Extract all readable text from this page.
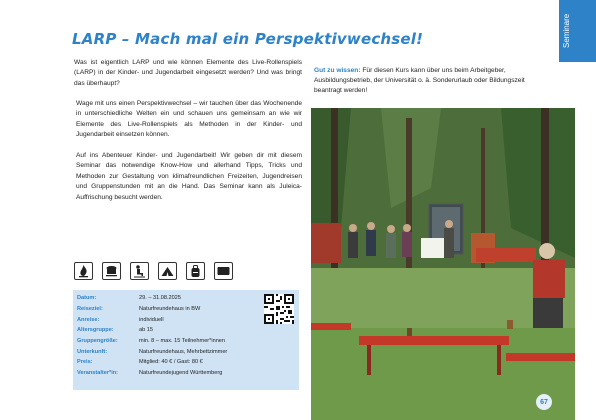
LARP – Mach mal ein Perspektivwechsel!
Was ist eigentlich LARP und wie können Elemente des Live-Rollenspiels (LARP) in der Kinder- und Jugendarbeit eingesetzt werden? Und was bringt das überhaupt?
Wage mit uns einen Perspektivwechsel – wir tauchen über das Wochenende in unterschiedliche Welten ein und schauen uns gemeinsam an wie wir Elemente des Live-Rollenspiels als Methoden in der Kinder- und Jugendarbeit einsetzen können.
Auf ins Abenteuer Kinder- und Jugendarbeit! Wir geben dir mit diesem Seminar das notwendige Know-How und allerhand Tipps, Tricks und Methoden zur Gestaltung von klimafreundlichen Freizeiten, Jugendreisen und Gruppenstunden mit an die Hand. Das Seminar kann als Juleica-Auffrischung besucht werden.
Datum:	29. – 31.08.2025
Reiseziel:	Naturfreundehaus in BW
Anreise:	individuell
Altersgruppe:	ab 15
Gruppengröße:	min. 8 – max. 15 Teilnehmer*innen
Unterkunft:	Naturfreundehaus, Mehrbettzimmer
Preis:	Mitglied: 40 € / Gast: 80 €
Veranstalter*in:	Naturfreundejugend Württemberg
Gut zu wissen: Für diesen Kurs kann über uns beim Arbeitgeber, Ausbildungsbetrieb, der Universität o. ä. Sonderurlaub oder Bildungszeit beantragt werden!
Seminare
67
